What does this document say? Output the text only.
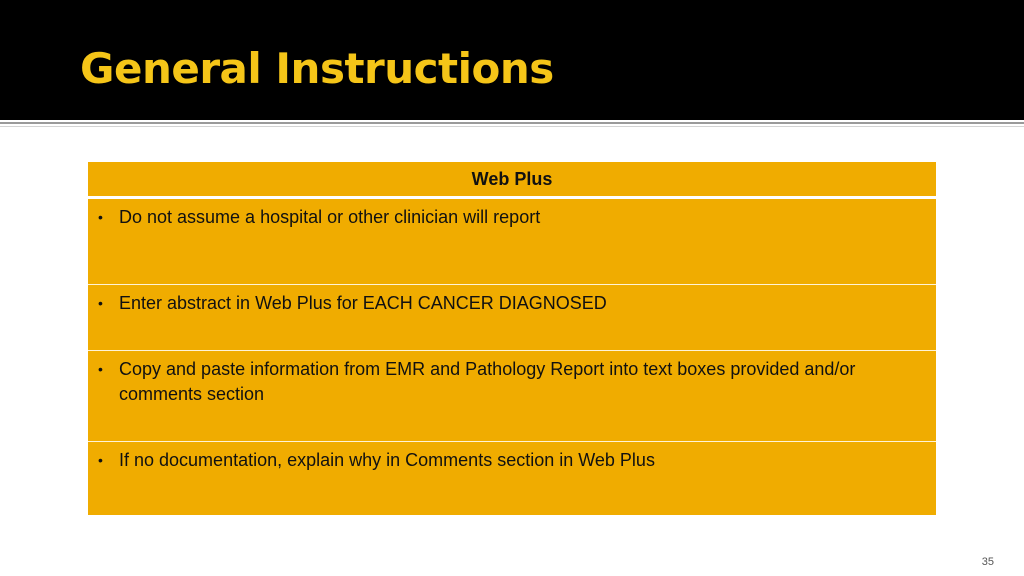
General Instructions
Web Plus
• Do not assume a hospital or other clinician will report
• Enter abstract in Web Plus for EACH CANCER DIAGNOSED
• Copy and paste information from EMR and Pathology Report into text boxes provided and/or comments section
• If no documentation, explain why in Comments section in Web Plus
35
